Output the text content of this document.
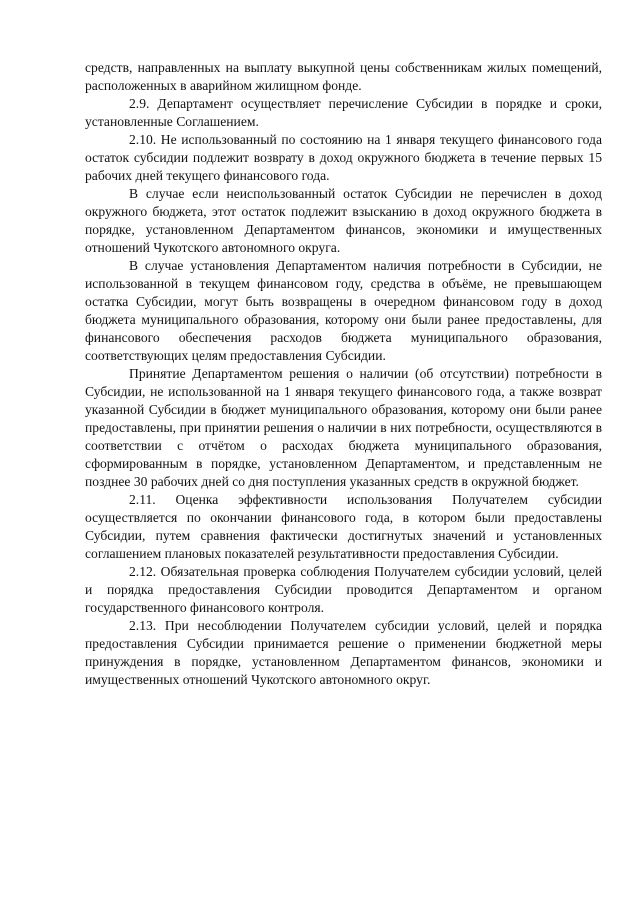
средств, направленных на выплату выкупной цены собственникам жилых помещений, расположенных в аварийном жилищном фонде.

2.9. Департамент осуществляет перечисление Субсидии в порядке и сроки, установленные Соглашением.

2.10. Не использованный по состоянию на 1 января текущего финансового года остаток субсидии подлежит возврату в доход окружного бюджета в течение первых 15 рабочих дней текущего финансового года.

В случае если неиспользованный остаток Субсидии не перечислен в доход окружного бюджета, этот остаток подлежит взысканию в доход окружного бюджета в порядке, установленном Департаментом финансов, экономики и имущественных отношений Чукотского автономного округа.

В случае установления Департаментом наличия потребности в Субсидии, не использованной в текущем финансовом году, средства в объёме, не превышающем остатка Субсидии, могут быть возвращены в очередном финансовом году в доход бюджета муниципального образования, которому они были ранее предоставлены, для финансового обеспечения расходов бюджета муниципального образования, соответствующих целям предоставления Субсидии.

Принятие Департаментом решения о наличии (об отсутствии) потребности в Субсидии, не использованной на 1 января текущего финансового года, а также возврат указанной Субсидии в бюджет муниципального образования, которому они были ранее предоставлены, при принятии решения о наличии в них потребности, осуществляются в соответствии с отчётом о расходах бюджета муниципального образования, сформированным в порядке, установленном Департаментом, и представленным не позднее 30 рабочих дней со дня поступления указанных средств в окружной бюджет.

2.11. Оценка эффективности использования Получателем субсидии осуществляется по окончании финансового года, в котором были предоставлены Субсидии, путем сравнения фактически достигнутых значений и установленных соглашением плановых показателей результативности предоставления Субсидии.

2.12. Обязательная проверка соблюдения Получателем субсидии условий, целей и порядка предоставления Субсидии проводится Департаментом и органом государственного финансового контроля.

2.13. При несоблюдении Получателем субсидии условий, целей и порядка предоставления Субсидии принимается решение о применении бюджетной меры принуждения в порядке, установленном Департаментом финансов, экономики и имущественных отношений Чукотского автономного округ.
